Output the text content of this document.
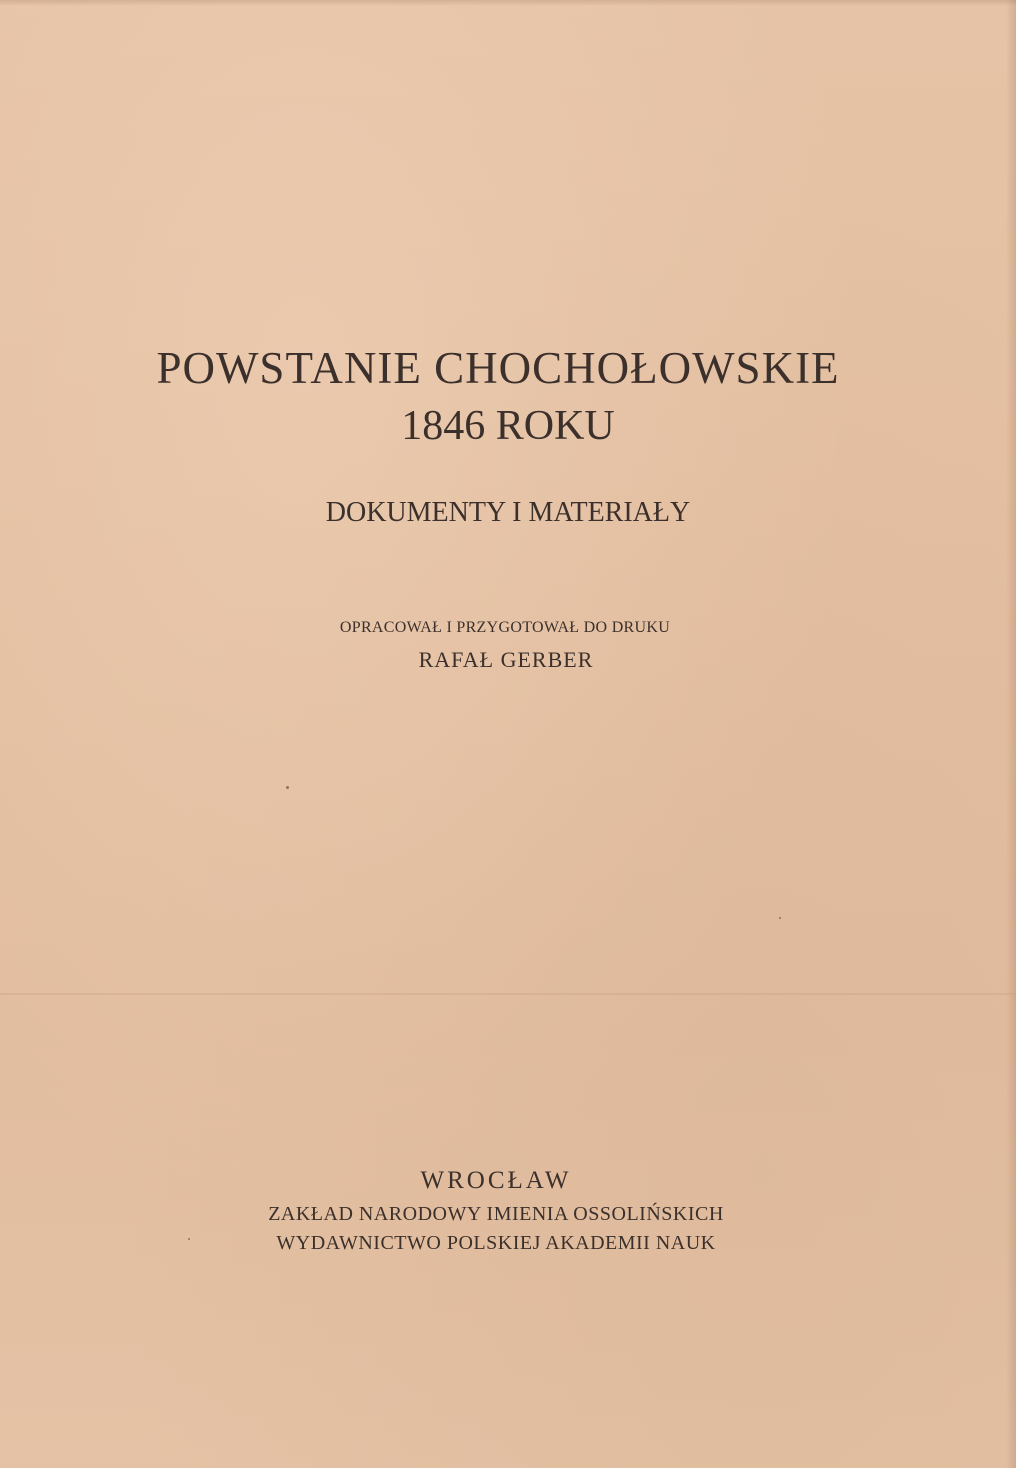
POWSTANIE CHOCHOŁOWSKIE
1846 ROKU
DOKUMENTY I MATERIAŁY
OPRACOWAŁ I PRZYGOTOWAŁ DO DRUKU
RAFAŁ GERBER
WROCŁAW
ZAKŁAD NARODOWY IMIENIA OSSOLIŃSKICH
WYDAWNICTWO POLSKIEJ AKADEMII NAUK
